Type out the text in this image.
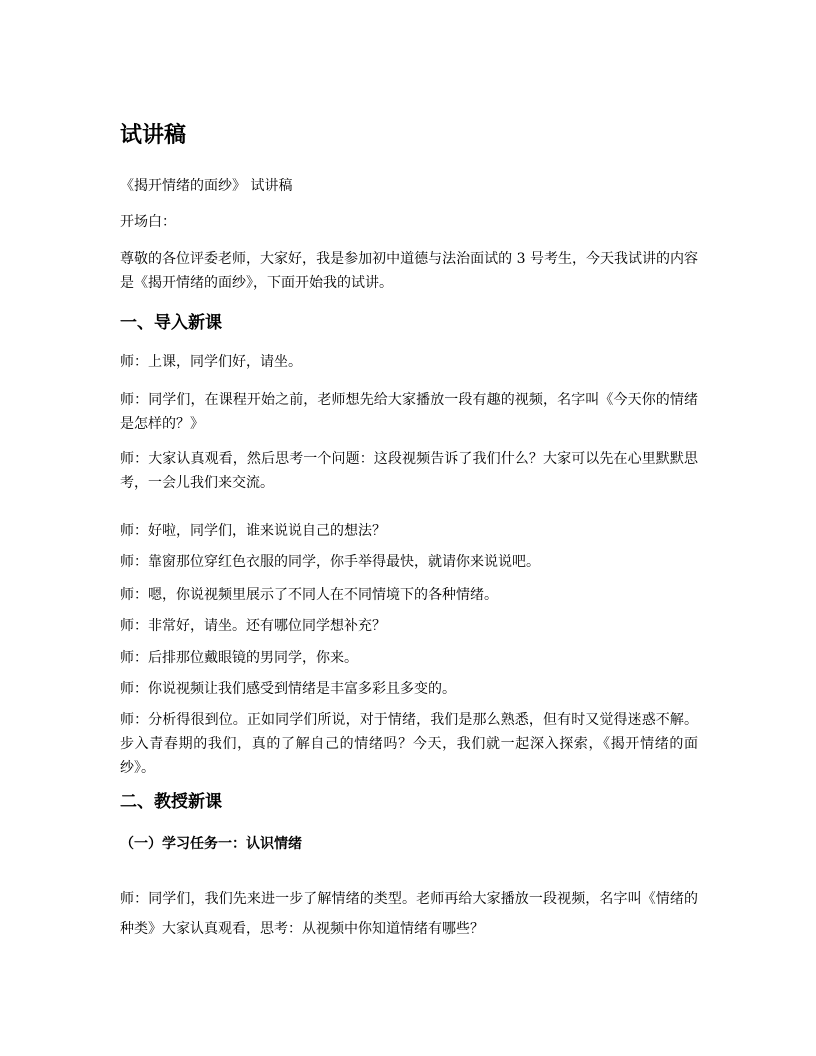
试讲稿

《揭开情绪的面纱》 试讲稿

开场白：

尊敬的各位评委老师，大家好，我是参加初中道德与法治面试的 3 号考生，今天我试讲的内容是《揭开情绪的面纱》，下面开始我的试讲。

一、导入新课

师：上课，同学们好，请坐。

师：同学们，在课程开始之前，老师想先给大家播放一段有趣的视频，名字叫《今天你的情绪是怎样的？》

师：大家认真观看，然后思考一个问题：这段视频告诉了我们什么？大家可以先在心里默默思考，一会儿我们来交流。

师：好啦，同学们，谁来说说自己的想法？

师：靠窗那位穿红色衣服的同学，你手举得最快，就请你来说说吧。

师：嗯，你说视频里展示了不同人在不同情境下的各种情绪。

师：非常好，请坐。还有哪位同学想补充？

师：后排那位戴眼镜的男同学，你来。

师：你说视频让我们感受到情绪是丰富多彩且多变的。

师：分析得很到位。正如同学们所说，对于情绪，我们是那么熟悉，但有时又觉得迷惑不解。步入青春期的我们，真的了解自己的情绪吗？今天，我们就一起深入探索，《揭开情绪的面纱》。

二、教授新课
（一）学习任务一：认识情绪

师：同学们，我们先来进一步了解情绪的类型。老师再给大家播放一段视频，名字叫《情绪的种类》大家认真观看，思考：从视频中你知道情绪有哪些？
